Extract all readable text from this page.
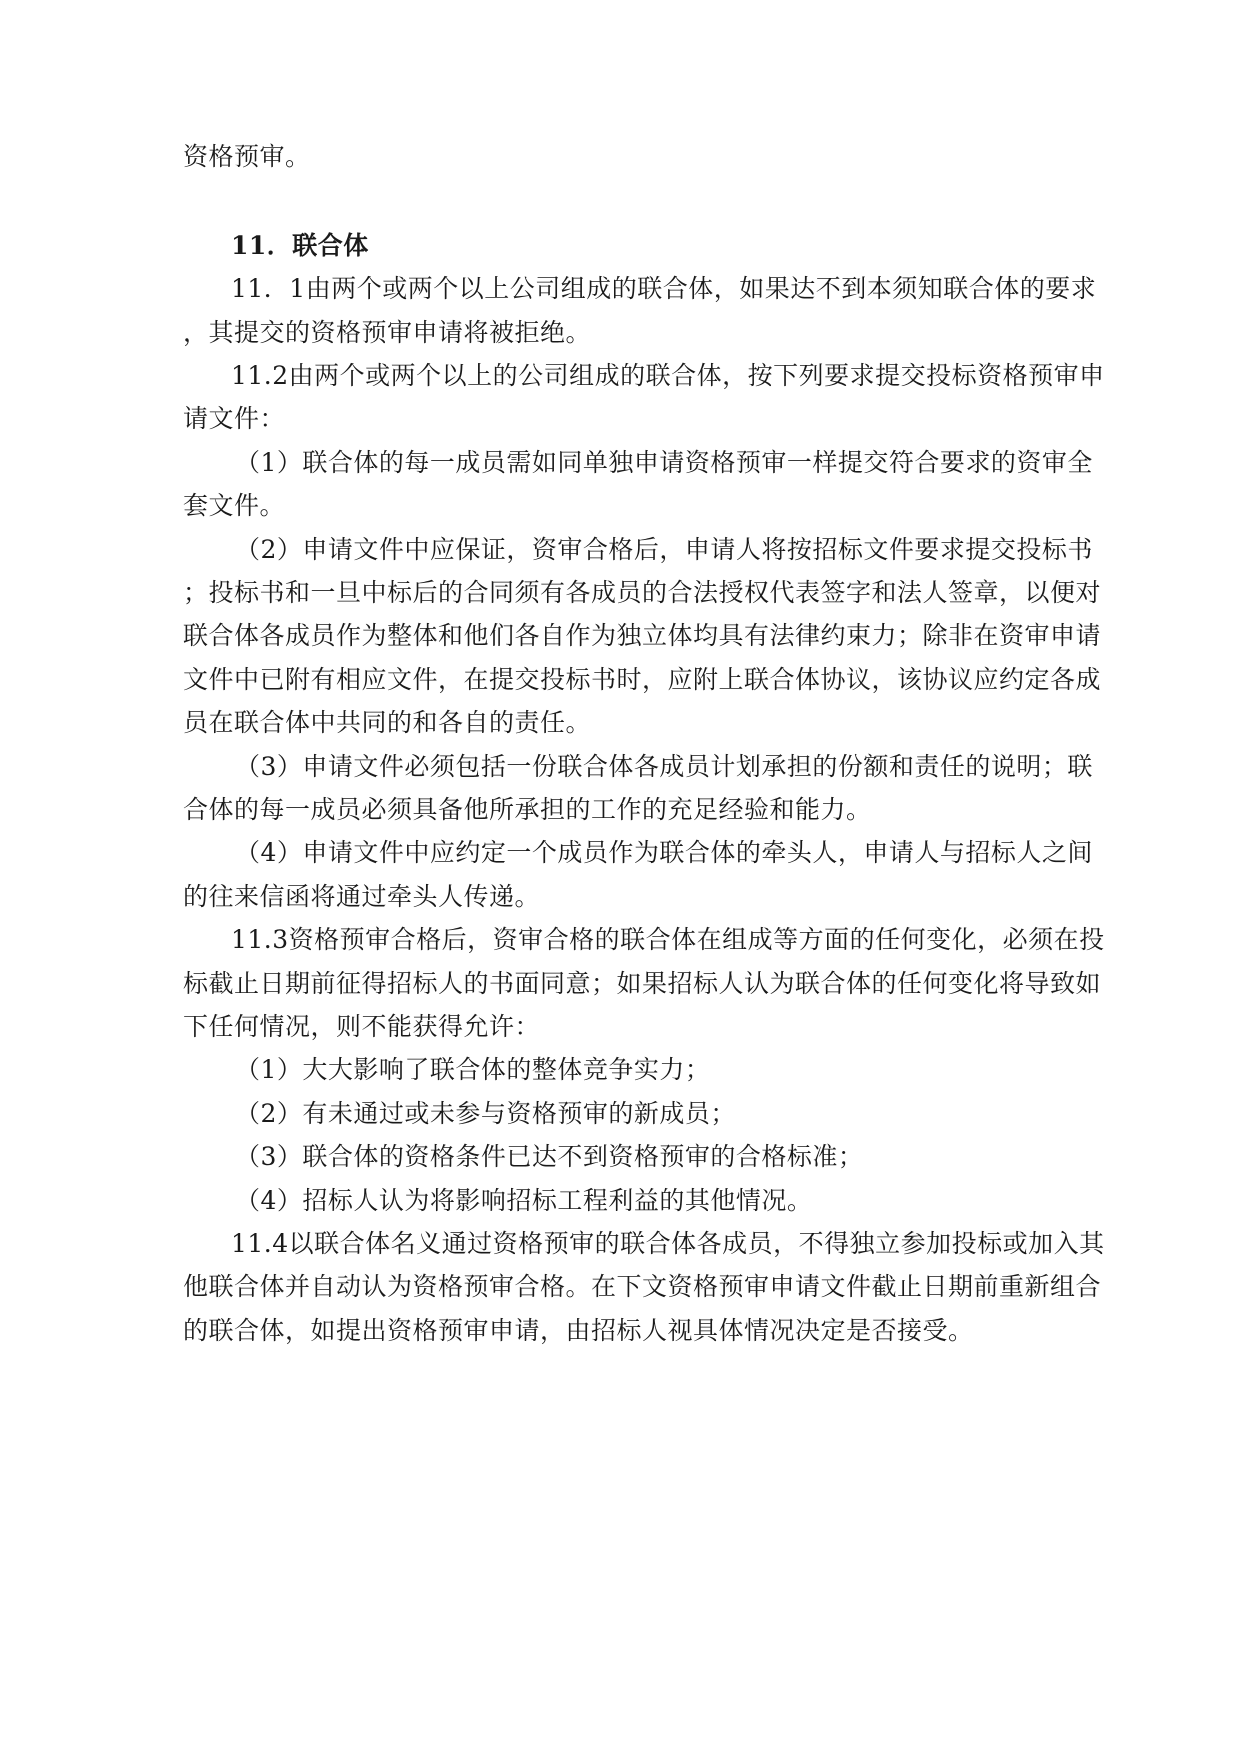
资格预审。
11．联合体
11．1由两个或两个以上公司组成的联合体，如果达不到本须知联合体的要求
，其提交的资格预审申请将被拒绝。
11.2由两个或两个以上的公司组成的联合体，按下列要求提交投标资格预审申
请文件：
（1）联合体的每一成员需如同单独申请资格预审一样提交符合要求的资审全
套文件。
（2）申请文件中应保证，资审合格后，申请人将按招标文件要求提交投标书
；投标书和一旦中标后的合同须有各成员的合法授权代表签字和法人签章，以便对
联合体各成员作为整体和他们各自作为独立体均具有法律约束力；除非在资审申请
文件中已附有相应文件，在提交投标书时，应附上联合体协议，该协议应约定各成
员在联合体中共同的和各自的责任。
（3）申请文件必须包括一份联合体各成员计划承担的份额和责任的说明；联
合体的每一成员必须具备他所承担的工作的充足经验和能力。
（4）申请文件中应约定一个成员作为联合体的牵头人，申请人与招标人之间
的往来信函将通过牵头人传递。
11.3资格预审合格后，资审合格的联合体在组成等方面的任何变化，必须在投
标截止日期前征得招标人的书面同意；如果招标人认为联合体的任何变化将导致如
下任何情况，则不能获得允许：
（1）大大影响了联合体的整体竞争实力；
（2）有未通过或未参与资格预审的新成员；
（3）联合体的资格条件已达不到资格预审的合格标准；
（4）招标人认为将影响招标工程利益的其他情况。
11.4以联合体名义通过资格预审的联合体各成员，不得独立参加投标或加入其
他联合体并自动认为资格预审合格。在下文资格预审申请文件截止日期前重新组合
的联合体，如提出资格预审申请，由招标人视具体情况决定是否接受。
